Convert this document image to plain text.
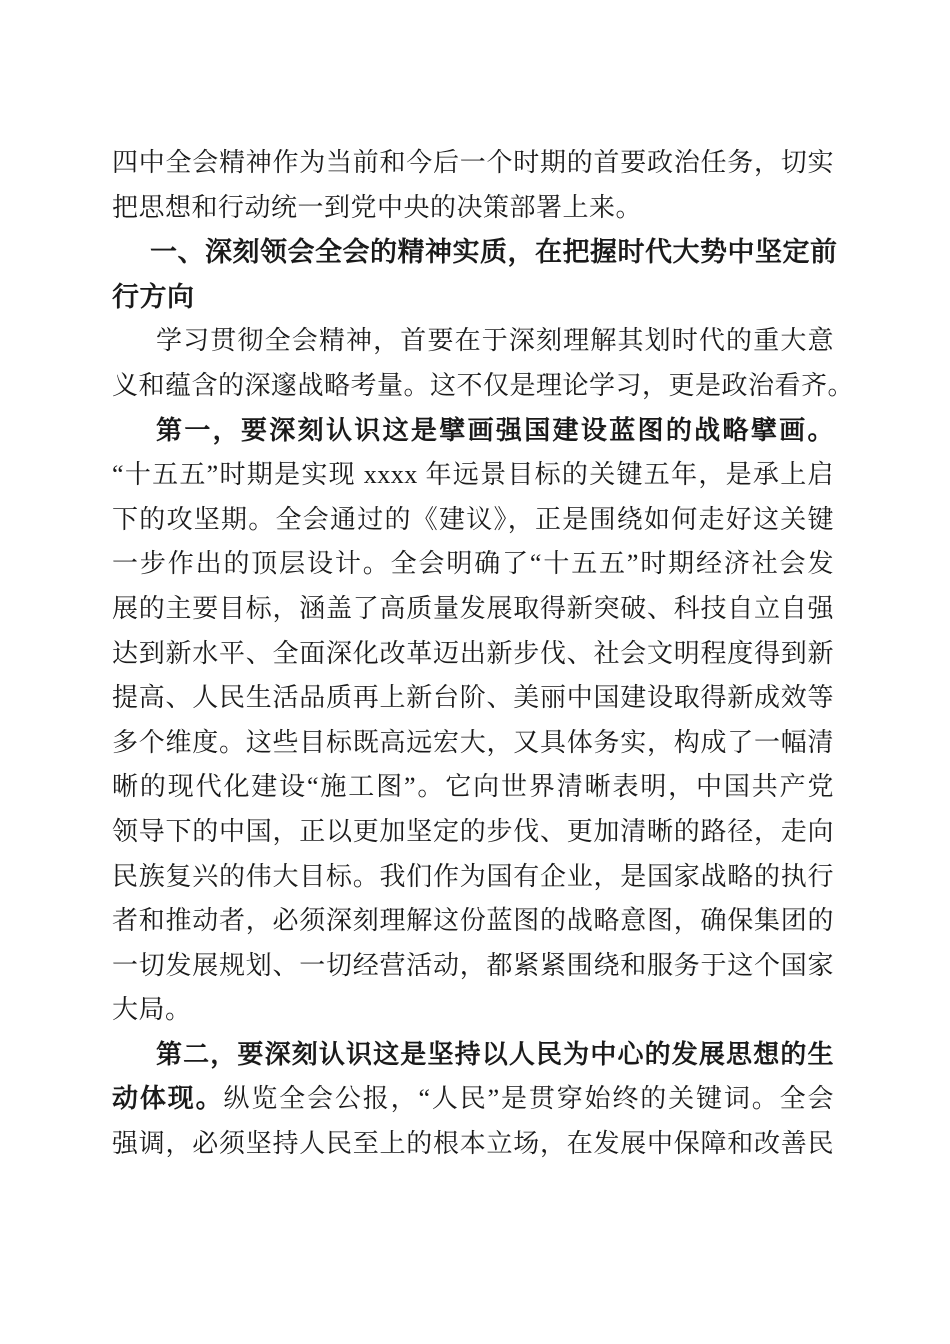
四中全会精神作为当前和今后一个时期的首要政治任务，切实
把思想和行动统一到党中央的决策部署上来。
一、深刻领会全会的精神实质，在把握时代大势中坚定前
行方向
学习贯彻全会精神，首要在于深刻理解其划时代的重大意
义和蕴含的深邃战略考量。这不仅是理论学习，更是政治看齐。
第一，要深刻认识这是擘画强国建设蓝图的战略擘画。
“十五五”时期是实现 xxxx 年远景目标的关键五年，是承上启
下的攻坚期。全会通过的《建议》，正是围绕如何走好这关键
一步作出的顶层设计。全会明确了“十五五”时期经济社会发
展的主要目标，涵盖了高质量发展取得新突破、科技自立自强
达到新水平、全面深化改革迈出新步伐、社会文明程度得到新
提高、人民生活品质再上新台阶、美丽中国建设取得新成效等
多个维度。这些目标既高远宏大，又具体务实，构成了一幅清
晰的现代化建设“施工图”。它向世界清晰表明，中国共产党
领导下的中国，正以更加坚定的步伐、更加清晰的路径，走向
民族复兴的伟大目标。我们作为国有企业，是国家战略的执行
者和推动者，必须深刻理解这份蓝图的战略意图，确保集团的
一切发展规划、一切经营活动，都紧紧围绕和服务于这个国家
大局。
第二，要深刻认识这是坚持以人民为中心的发展思想的生
动体现。纵览全会公报，“人民”是贯穿始终的关键词。全会
强调，必须坚持人民至上的根本立场，在发展中保障和改善民
